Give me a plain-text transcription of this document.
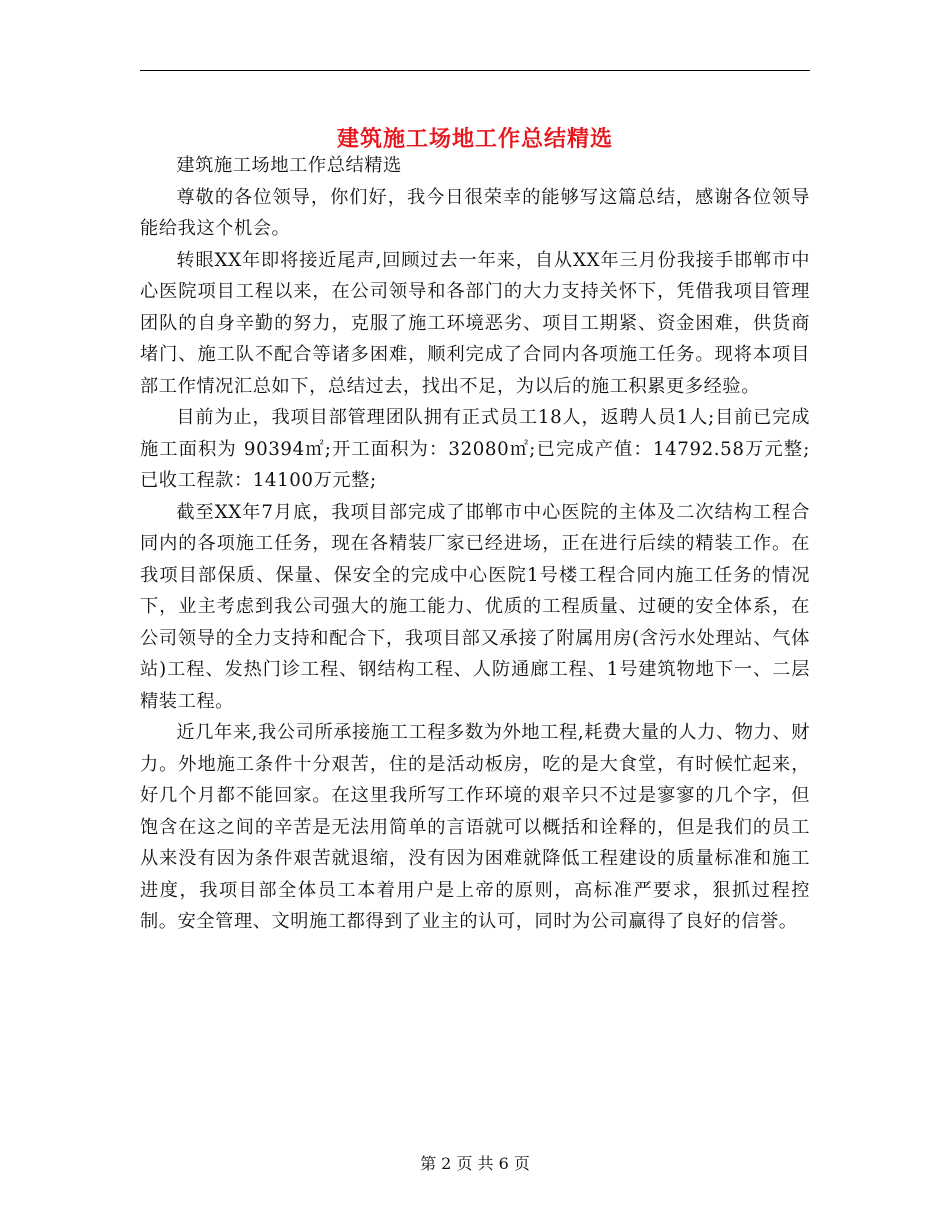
建筑施工场地工作总结精选

建筑施工场地工作总结精选

尊敬的各位领导，你们好，我今日很荣幸的能够写这篇总结，感谢各位领导能给我这个机会。

转眼XX年即将接近尾声,回顾过去一年来，自从XX年三月份我接手邯郸市中心医院项目工程以来，在公司领导和各部门的大力支持关怀下，凭借我项目管理团队的自身辛勤的努力，克服了施工环境恶劣、项目工期紧、资金困难，供货商堵门、施工队不配合等诸多困难，顺利完成了合同内各项施工任务。现将本项目部工作情况汇总如下，总结过去，找出不足，为以后的施工积累更多经验。

目前为止，我项目部管理团队拥有正式员工18人，返聘人员1人;目前已完成施工面积为 90394㎡;开工面积为：32080㎡;已完成产值：14792.58万元整;已收工程款：14100万元整;

截至XX年7月底，我项目部完成了邯郸市中心医院的主体及二次结构工程合同内的各项施工任务，现在各精装厂家已经进场，正在进行后续的精装工作。在我项目部保质、保量、保安全的完成中心医院1号楼工程合同内施工任务的情况下，业主考虑到我公司强大的施工能力、优质的工程质量、过硬的安全体系，在公司领导的全力支持和配合下，我项目部又承接了附属用房(含污水处理站、气体站)工程、发热门诊工程、钢结构工程、人防通廊工程、1号建筑物地下一、二层精装工程。

近几年来,我公司所承接施工工程多数为外地工程,耗费大量的人力、物力、财力。外地施工条件十分艰苦，住的是活动板房，吃的是大食堂，有时候忙起来，好几个月都不能回家。在这里我所写工作环境的艰辛只不过是寥寥的几个字，但饱含在这之间的辛苦是无法用简单的言语就可以概括和诠释的，但是我们的员工从来没有因为条件艰苦就退缩，没有因为困难就降低工程建设的质量标准和施工进度，我项目部全体员工本着用户是上帝的原则，高标准严要求，狠抓过程控制。安全管理、文明施工都得到了业主的认可，同时为公司赢得了良好的信誉。

第 2 页 共 6 页
